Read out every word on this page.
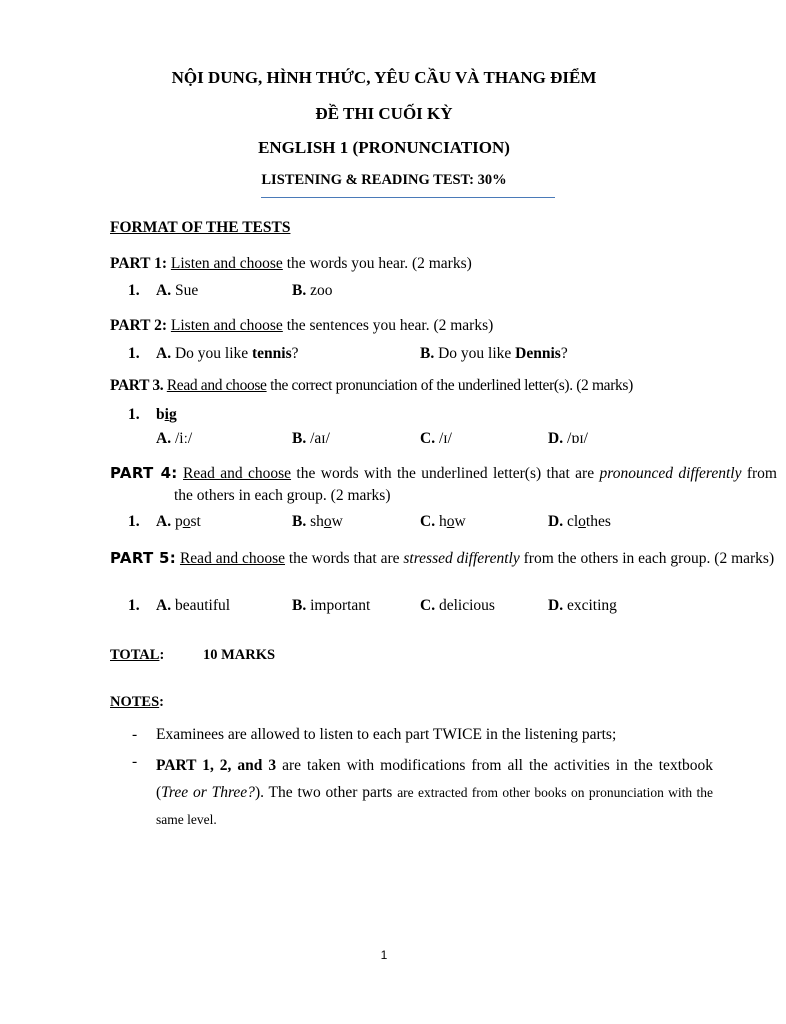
NỘI DUNG, HÌNH THỨC, YÊU CẦU VÀ THANG ĐIỂM
ĐỀ THI CUỐI KỲ
ENGLISH 1 (PRONUNCIATION)
LISTENING & READING TEST: 30%
FORMAT OF THE TESTS
PART 1: Listen and choose the words you hear. (2 marks)
1. A. Sue	B. zoo
PART 2: Listen and choose the sentences you hear. (2 marks)
1. A. Do you like tennis?	B. Do you like Dennis?
PART 3. Read and choose the correct pronunciation of the underlined letter(s). (2 marks)
1. big
A. /iː/	B. /aɪ/	C. /ɪ/	D. /ɒɪ/
PART 4: Read and choose the words with the underlined letter(s) that are pronounced differently from the others in each group. (2 marks)
1. A. post	B. show	C. how	D. clothes
PART 5: Read and choose the words that are stressed differently from the others in each group. (2 marks)
1. A. beautiful	B. important	C. delicious	D. exciting
TOTAL:	10 MARKS
NOTES:
- Examinees are allowed to listen to each part TWICE in the listening parts;
- PART 1, 2, and 3 are taken with modifications from all the activities in the textbook (Tree or Three?). The two other parts are extracted from other books on pronunciation with the same level.
1
